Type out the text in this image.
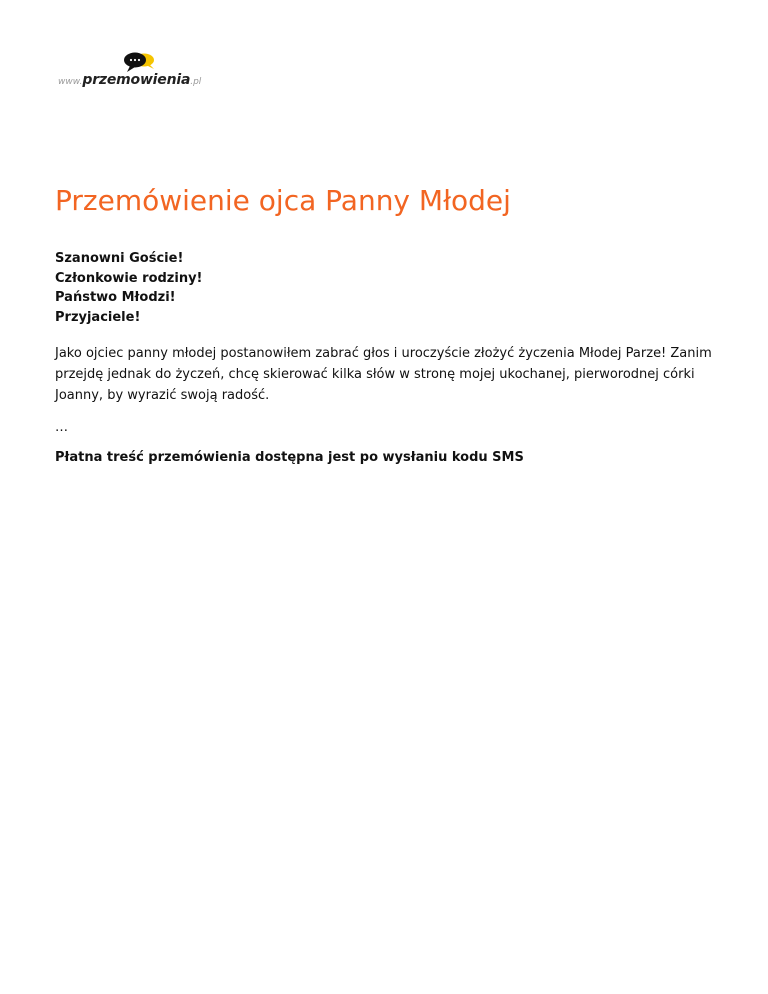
www.przemowienia.pl
Przemówienie ojca Panny Młodej
Szanowni Goście!
Członkowie rodziny!
Państwo Młodzi!
Przyjaciele!

Jako ojciec panny młodej postanowiłem zabrać głos i uroczyście złożyć życzenia Młodej Parze! Zanim przejdę jednak do życzeń, chcę skierować kilka słów w stronę mojej ukochanej, pierworodnej córki Joanny, by wyrazić swoją radość.

…
Płatna treść przemówienia dostępna jest po wysłaniu kodu SMS
